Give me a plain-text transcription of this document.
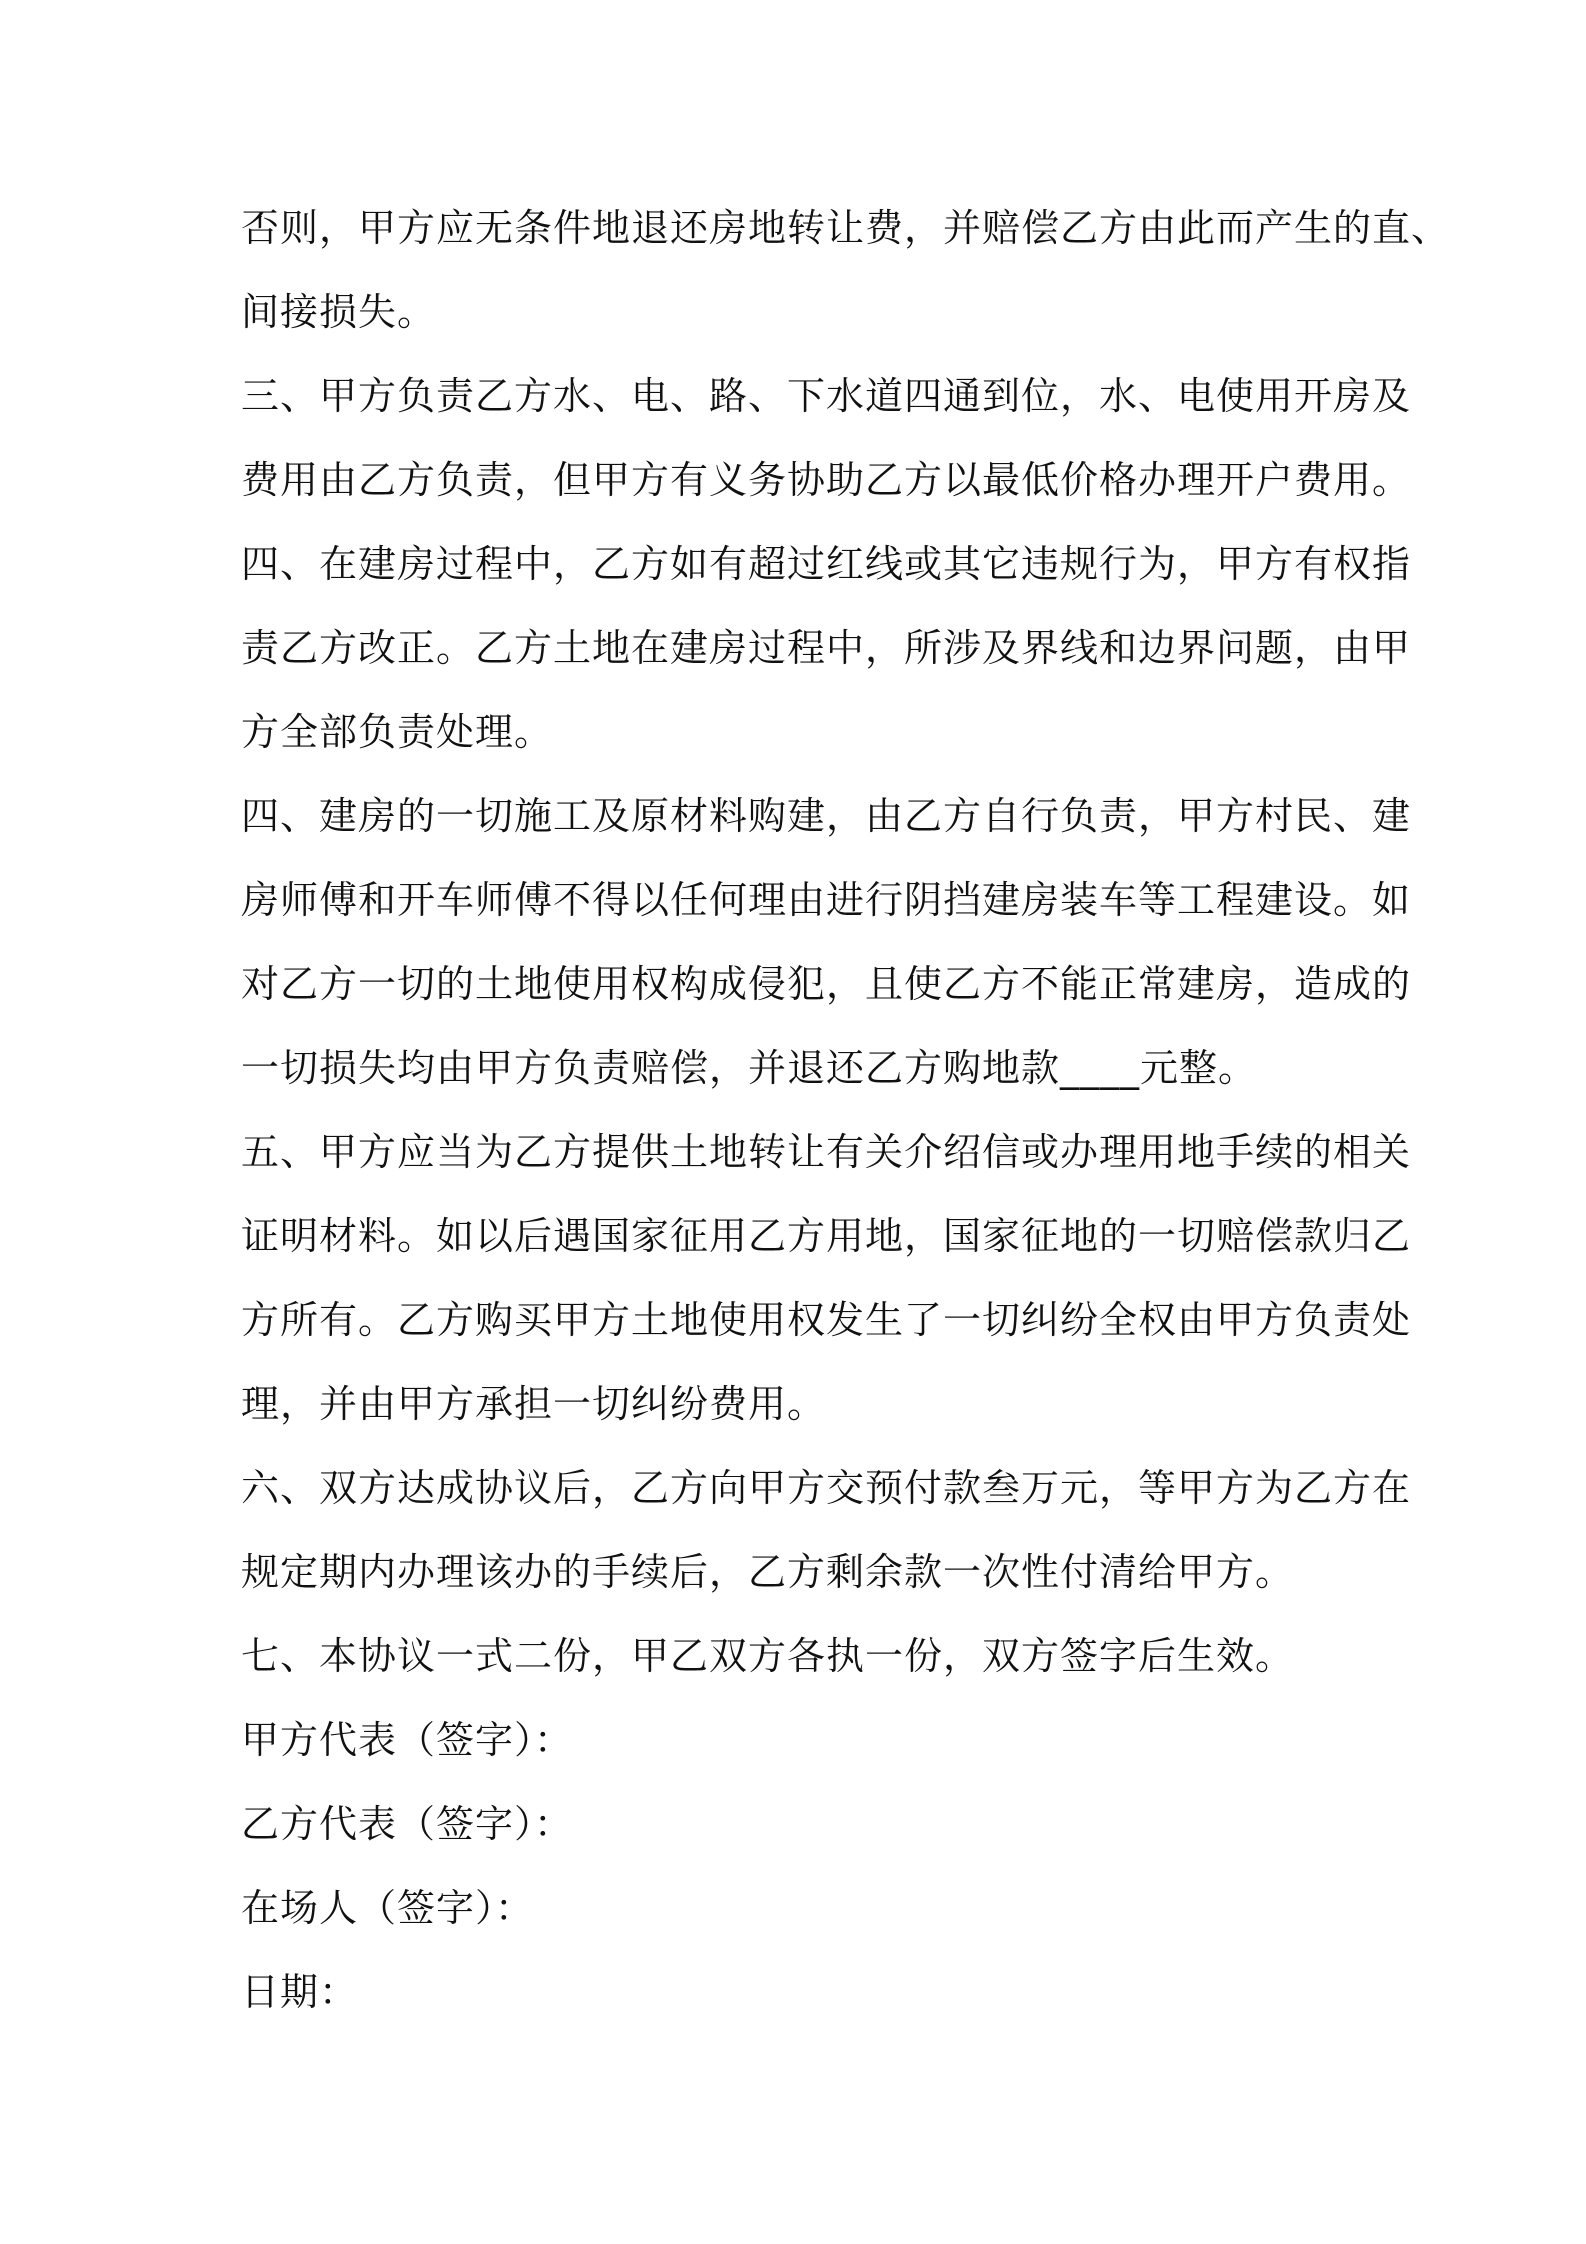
否则，甲方应无条件地退还房地转让费，并赔偿乙方由此而产生的直、
间接损失。

三、甲方负责乙方水、电、路、下水道四通到位，水、电使用开房及
费用由乙方负责，但甲方有义务协助乙方以最低价格办理开户费用。

四、在建房过程中，乙方如有超过红线或其它违规行为，甲方有权指
责乙方改正。乙方土地在建房过程中，所涉及界线和边界问题，由甲
方全部负责处理。

四、建房的一切施工及原材料购建，由乙方自行负责，甲方村民、建
房师傅和开车师傅不得以任何理由进行阴挡建房装车等工程建设。如
对乙方一切的土地使用权构成侵犯，且使乙方不能正常建房，造成的
一切损失均由甲方负责赔偿，并退还乙方购地款____元整。

五、甲方应当为乙方提供土地转让有关介绍信或办理用地手续的相关
证明材料。如以后遇国家征用乙方用地，国家征地的一切赔偿款归乙
方所有。乙方购买甲方土地使用权发生了一切纠纷全权由甲方负责处
理，并由甲方承担一切纠纷费用。

六、双方达成协议后，乙方向甲方交预付款叁万元，等甲方为乙方在
规定期内办理该办的手续后，乙方剩余款一次性付清给甲方。

七、本协议一式二份，甲乙双方各执一份，双方签字后生效。

甲方代表（签字）：

乙方代表（签字）：

在场人（签字）：

日期：
